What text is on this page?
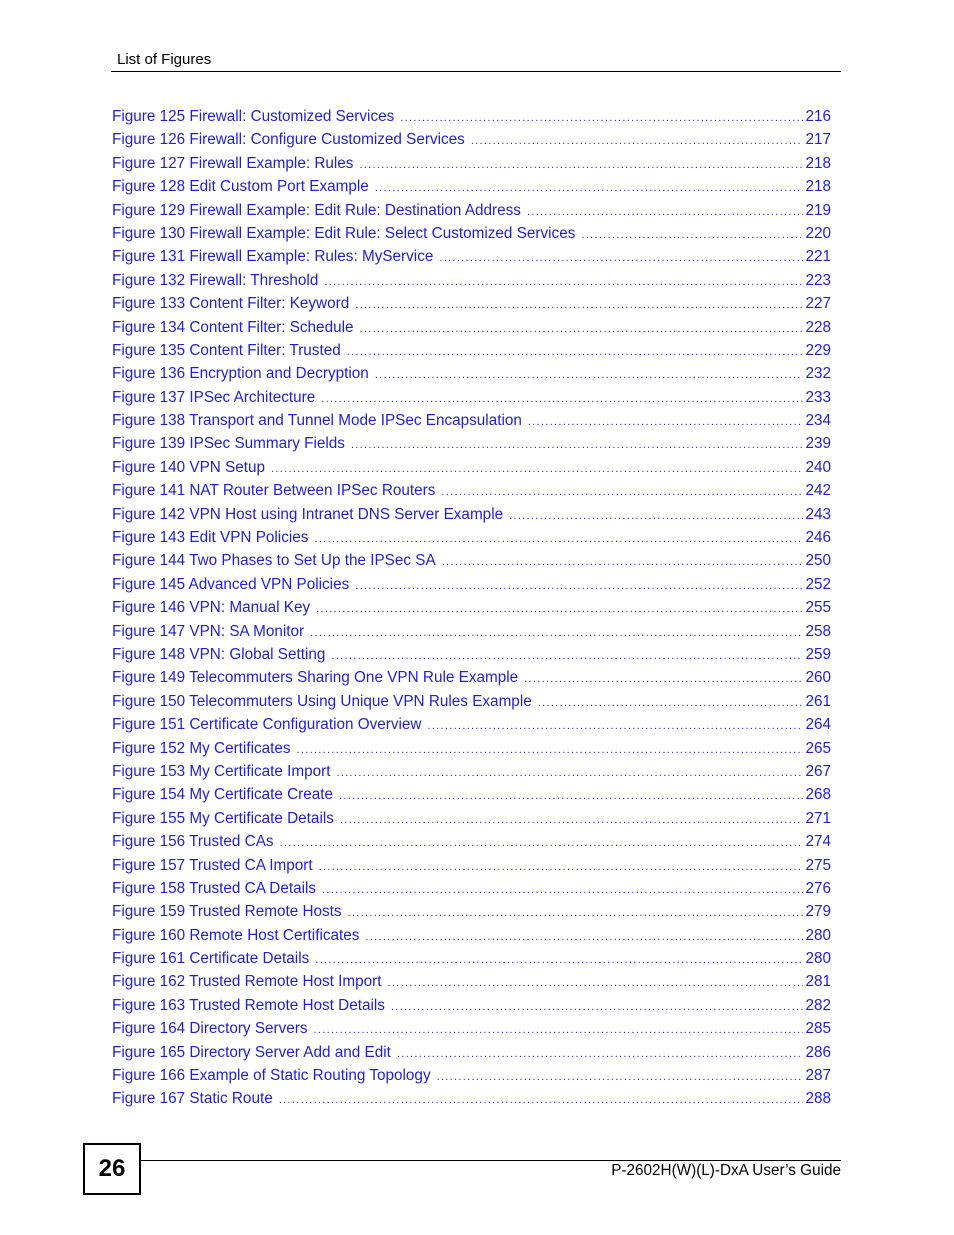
List of Figures
Figure 125 Firewall: Customized Services .....	216
Figure 126 Firewall: Configure Customized Services .....	217
Figure 127 Firewall Example: Rules .....	218
Figure 128 Edit Custom Port Example .....	218
Figure 129 Firewall Example: Edit Rule: Destination Address .....	219
Figure 130 Firewall Example: Edit Rule: Select Customized Services .....	220
Figure 131 Firewall Example: Rules: MyService .....	221
Figure 132 Firewall: Threshold .....	223
Figure 133 Content Filter: Keyword .....	227
Figure 134 Content Filter: Schedule .....	228
Figure 135 Content Filter: Trusted .....	229
Figure 136 Encryption and Decryption .....	232
Figure 137 IPSec Architecture .....	233
Figure 138 Transport and Tunnel Mode IPSec Encapsulation .....	234
Figure 139 IPSec Summary Fields .....	239
Figure 140 VPN Setup .....	240
Figure 141 NAT Router Between IPSec Routers .....	242
Figure 142 VPN Host using Intranet DNS Server Example .....	243
Figure 143 Edit VPN Policies .....	246
Figure 144 Two Phases to Set Up the IPSec SA .....	250
Figure 145 Advanced VPN Policies .....	252
Figure 146 VPN: Manual Key .....	255
Figure 147 VPN: SA Monitor .....	258
Figure 148 VPN: Global Setting .....	259
Figure 149 Telecommuters Sharing One VPN Rule Example .....	260
Figure 150 Telecommuters Using Unique VPN Rules Example .....	261
Figure 151 Certificate Configuration Overview .....	264
Figure 152 My Certificates .....	265
Figure 153 My Certificate Import .....	267
Figure 154 My Certificate Create .....	268
Figure 155 My Certificate Details .....	271
Figure 156 Trusted CAs .....	274
Figure 157 Trusted CA Import .....	275
Figure 158 Trusted CA Details .....	276
Figure 159 Trusted Remote Hosts .....	279
Figure 160 Remote Host Certificates .....	280
Figure 161 Certificate Details .....	280
Figure 162 Trusted Remote Host Import .....	281
Figure 163 Trusted Remote Host Details .....	282
Figure 164 Directory Servers .....	285
Figure 165 Directory Server Add and Edit .....	286
Figure 166 Example of Static Routing Topology .....	287
Figure 167 Static Route .....	288
26	P-2602H(W)(L)-DxA User’s Guide
